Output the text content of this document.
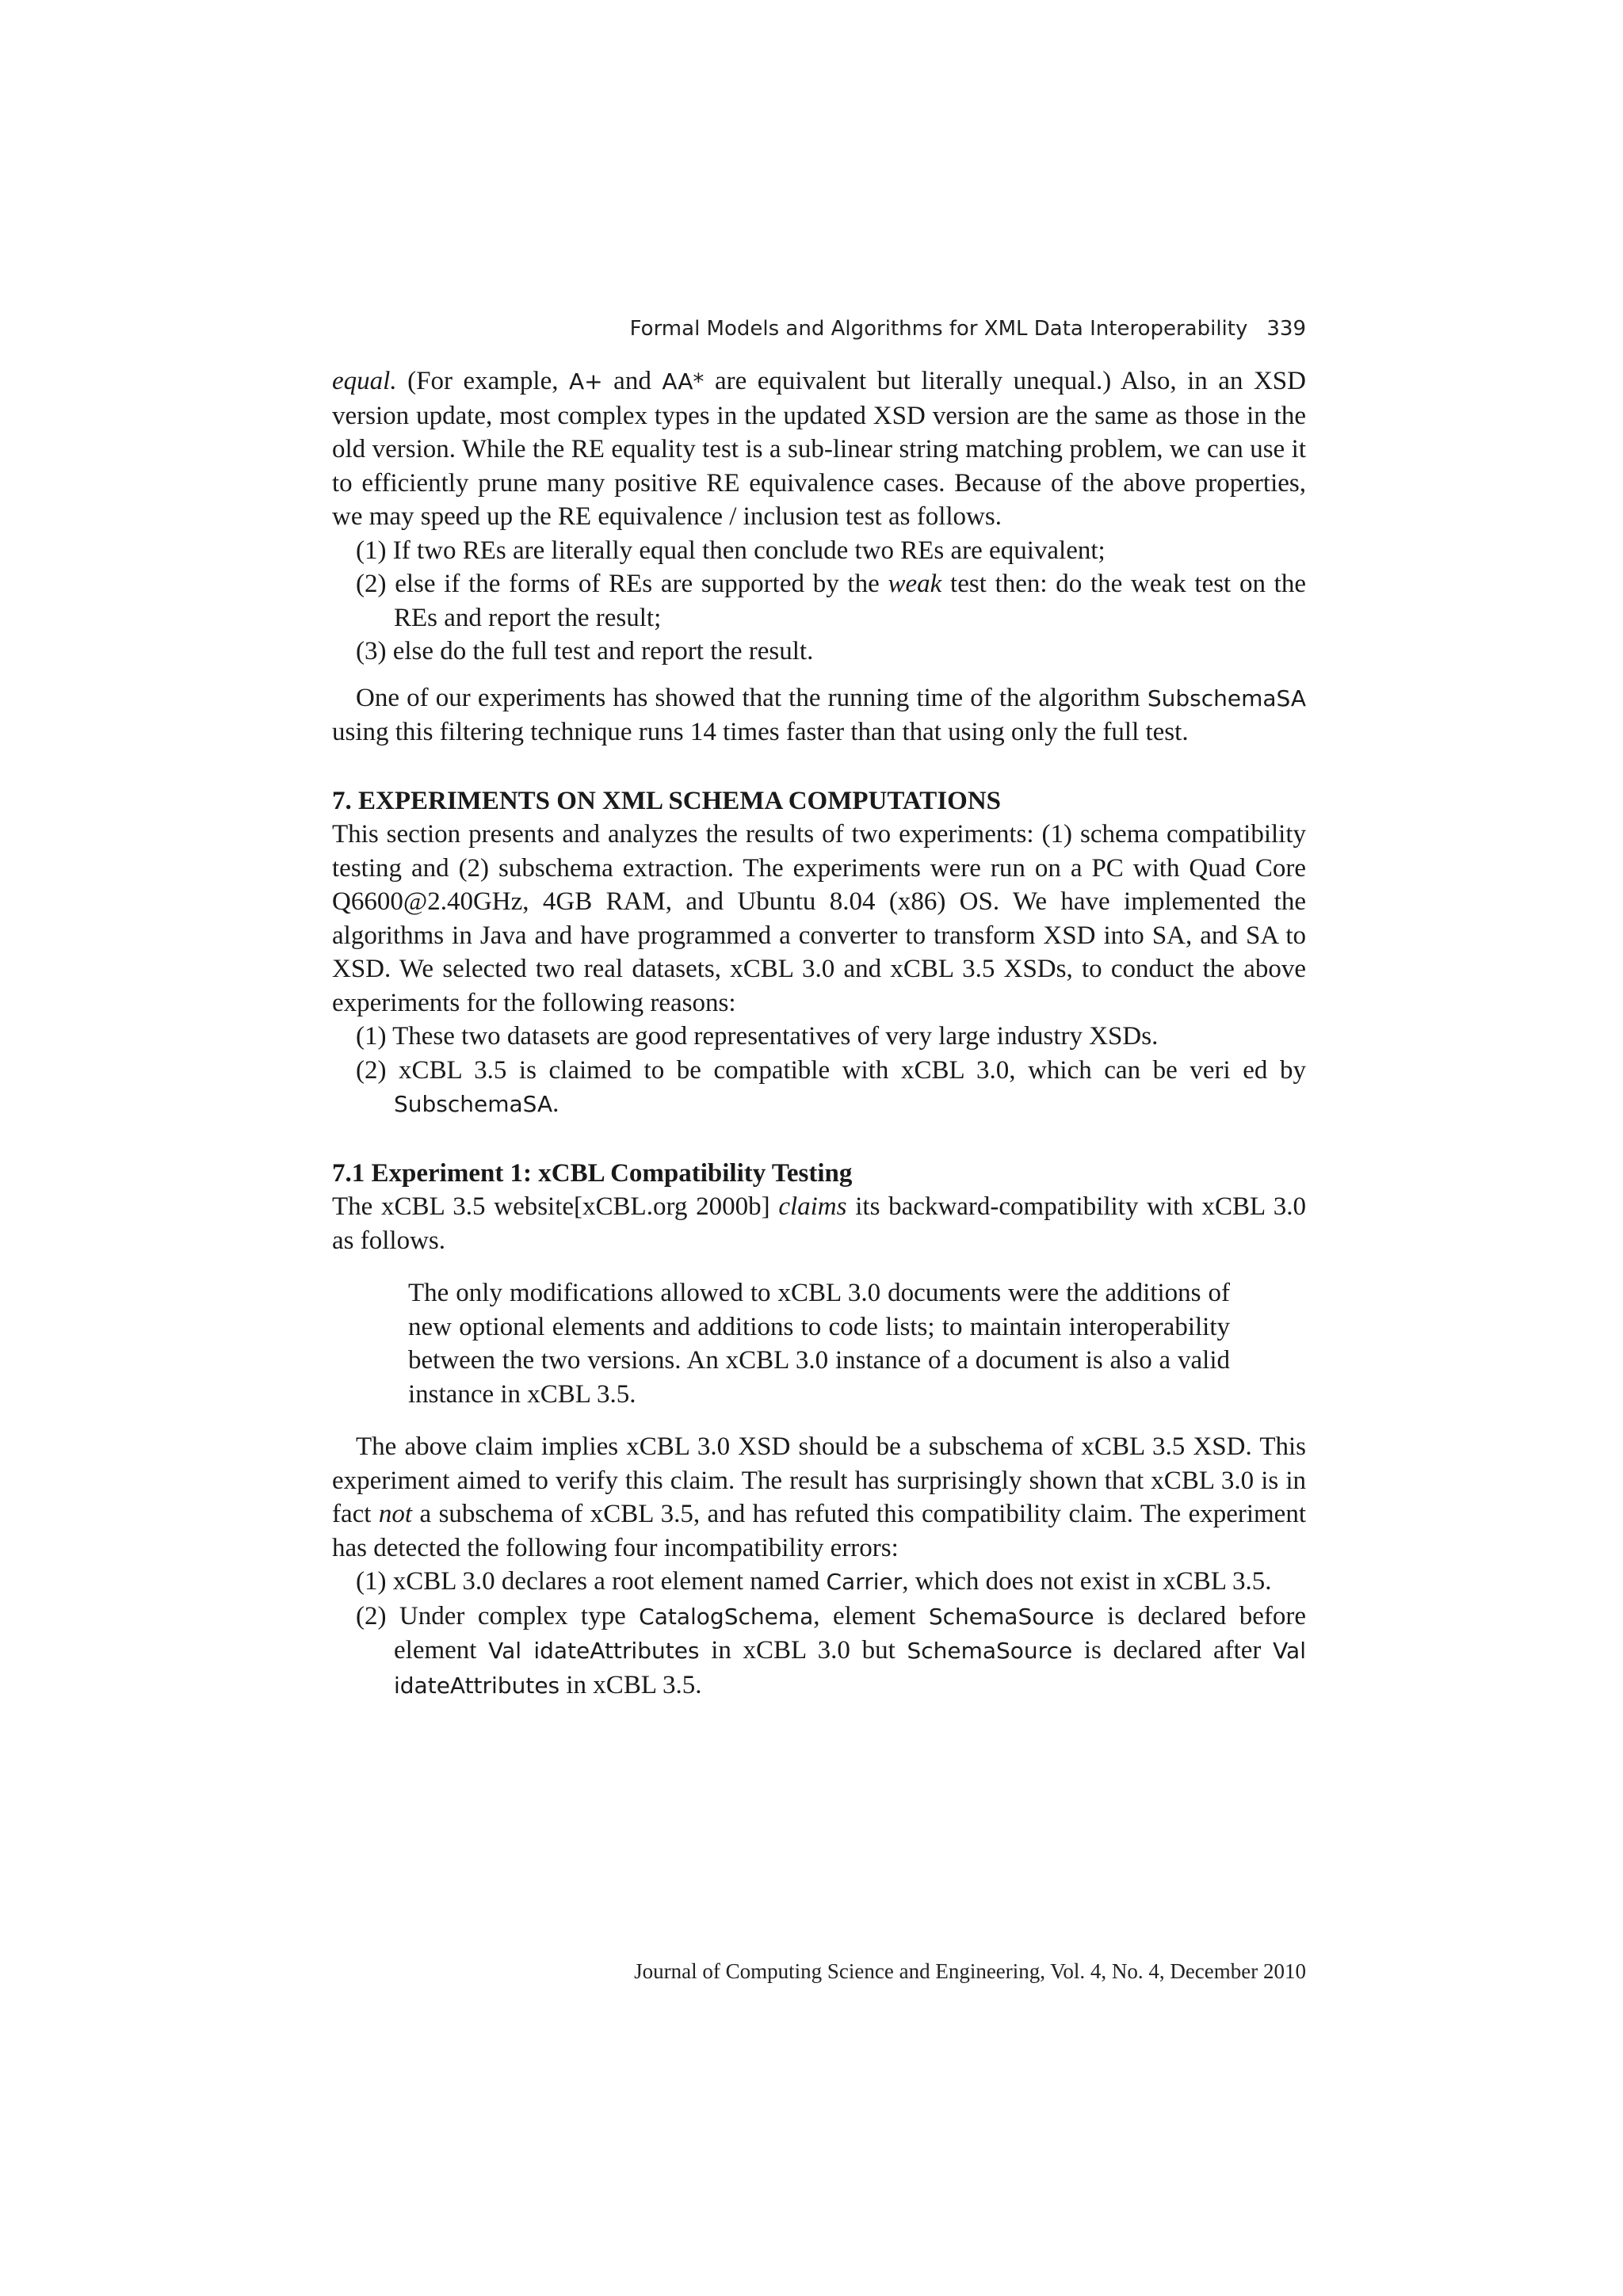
Formal Models and Algorithms for XML Data Interoperability 339

equal. (For example, A+ and AA* are equivalent but literally unequal.) Also, in an XSD version update, most complex types in the updated XSD version are the same as those in the old version. While the RE equality test is a sub-linear string matching problem, we can use it to efficiently prune many positive RE equivalence cases. Because of the above properties, we may speed up the RE equivalence / inclusion test as follows.

(1) If two REs are literally equal then conclude two REs are equivalent;
(2) else if the forms of REs are supported by the weak test then: do the weak test on the REs and report the result;
(3) else do the full test and report the result.

One of our experiments has showed that the running time of the algorithm SubschemaSA using this filtering technique runs 14 times faster than that using only the full test.

7. EXPERIMENTS ON XML SCHEMA COMPUTATIONS

This section presents and analyzes the results of two experiments: (1) schema compatibility testing and (2) subschema extraction. The experiments were run on a PC with Quad Core Q6600@2.40GHz, 4GB RAM, and Ubuntu 8.04 (x86) OS. We have implemented the algorithms in Java and have programmed a converter to transform XSD into SA, and SA to XSD. We selected two real datasets, xCBL 3.0 and xCBL 3.5 XSDs, to conduct the above experiments for the following reasons:

(1) These two datasets are good representatives of very large industry XSDs.
(2) xCBL 3.5 is claimed to be compatible with xCBL 3.0, which can be veri ed by SubschemaSA.
7.1 Experiment 1: xCBL Compatibility Testing

The xCBL 3.5 website[xCBL.org 2000b] claims its backward-compatibility with xCBL 3.0 as follows.

The only modifications allowed to xCBL 3.0 documents were the additions of new optional elements and additions to code lists; to maintain interoperability between the two versions. An xCBL 3.0 instance of a document is also a valid instance in xCBL 3.5.

The above claim implies xCBL 3.0 XSD should be a subschema of xCBL 3.5 XSD. This experiment aimed to verify this claim. The result has surprisingly shown that xCBL 3.0 is in fact not a subschema of xCBL 3.5, and has refuted this compatibility claim. The experiment has detected the following four incompatibility errors:

(1) xCBL 3.0 declares a root element named Carrier, which does not exist in xCBL 3.5.
(2) Under complex type CatalogSchema, element SchemaSource is declared before element Val idateAttributes in xCBL 3.0 but SchemaSource is declared after Val idateAttributes in xCBL 3.5.
Journal of Computing Science and Engineering, Vol. 4, No. 4, December 2010
